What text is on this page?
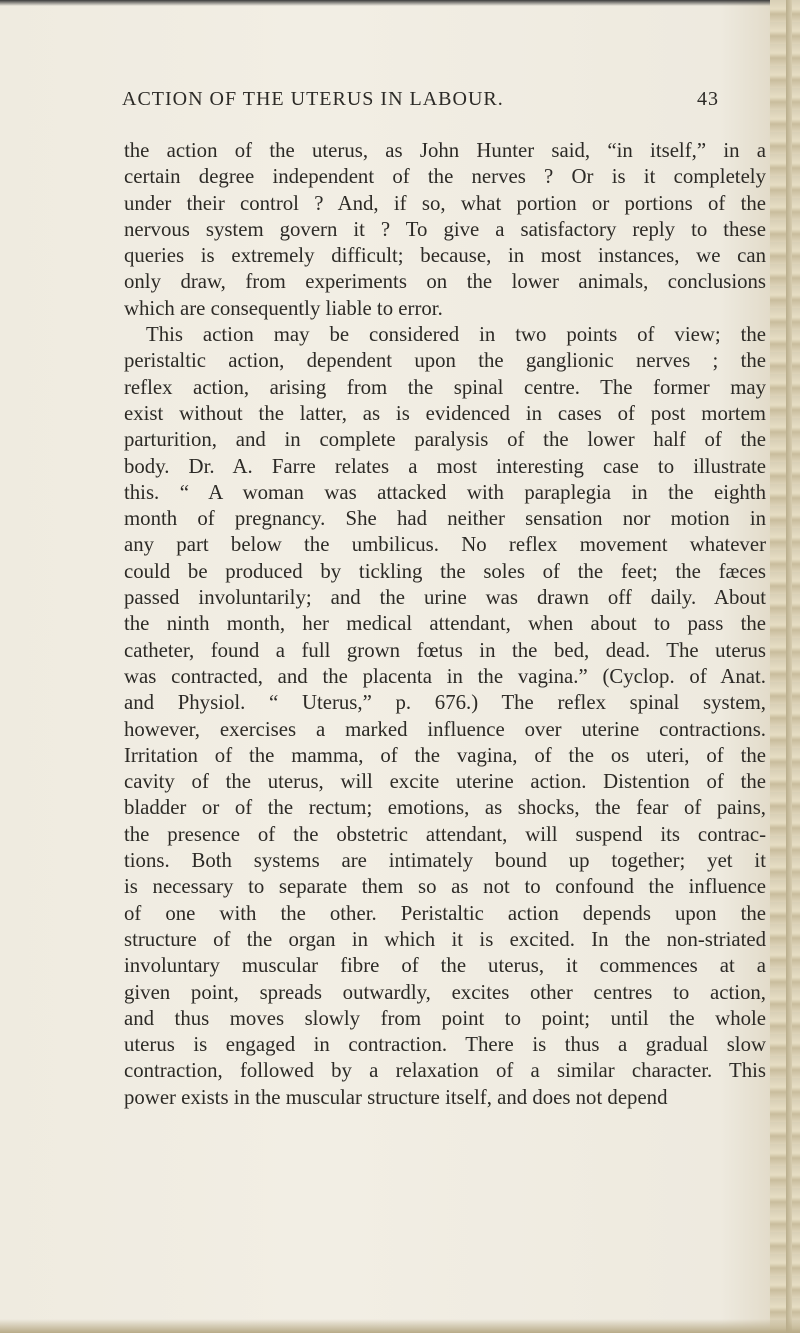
ACTION OF THE UTERUS IN LABOUR.	43
the action of the uterus, as John Hunter said, “in itself,” in a
certain degree independent of the nerves ? Or is it completely
under their control ? And, if so, what portion or portions of the
nervous system govern it ? To give a satisfactory reply to these
queries is extremely difficult; because, in most instances, we can
only draw, from experiments on the lower animals, conclusions
which are consequently liable to error.
This action may be considered in two points of view; the
peristaltic action, dependent upon the ganglionic nerves ; the
reflex action, arising from the spinal centre. The former may
exist without the latter, as is evidenced in cases of post mortem
parturition, and in complete paralysis of the lower half of the
body. Dr. A. Farre relates a most interesting case to illustrate
this. “ A woman was attacked with paraplegia in the eighth
month of pregnancy. She had neither sensation nor motion in
any part below the umbilicus. No reflex movement whatever
could be produced by tickling the soles of the feet; the fæces
passed involuntarily; and the urine was drawn off daily. About
the ninth month, her medical attendant, when about to pass the
catheter, found a full grown fœtus in the bed, dead. The uterus
was contracted, and the placenta in the vagina.” (Cyclop. of Anat.
and Physiol. “ Uterus,” p. 676.) The reflex spinal system,
however, exercises a marked influence over uterine contractions.
Irritation of the mamma, of the vagina, of the os uteri, of the
cavity of the uterus, will excite uterine action. Distention of the
bladder or of the rectum; emotions, as shocks, the fear of pains,
the presence of the obstetric attendant, will suspend its contrac-
tions. Both systems are intimately bound up together; yet it
is necessary to separate them so as not to confound the influence
of one with the other. Peristaltic action depends upon the
structure of the organ in which it is excited. In the non-striated
involuntary muscular fibre of the uterus, it commences at a
given point, spreads outwardly, excites other centres to action,
and thus moves slowly from point to point; until the whole
uterus is engaged in contraction. There is thus a gradual slow
contraction, followed by a relaxation of a similar character. This
power exists in the muscular structure itself, and does not depend
